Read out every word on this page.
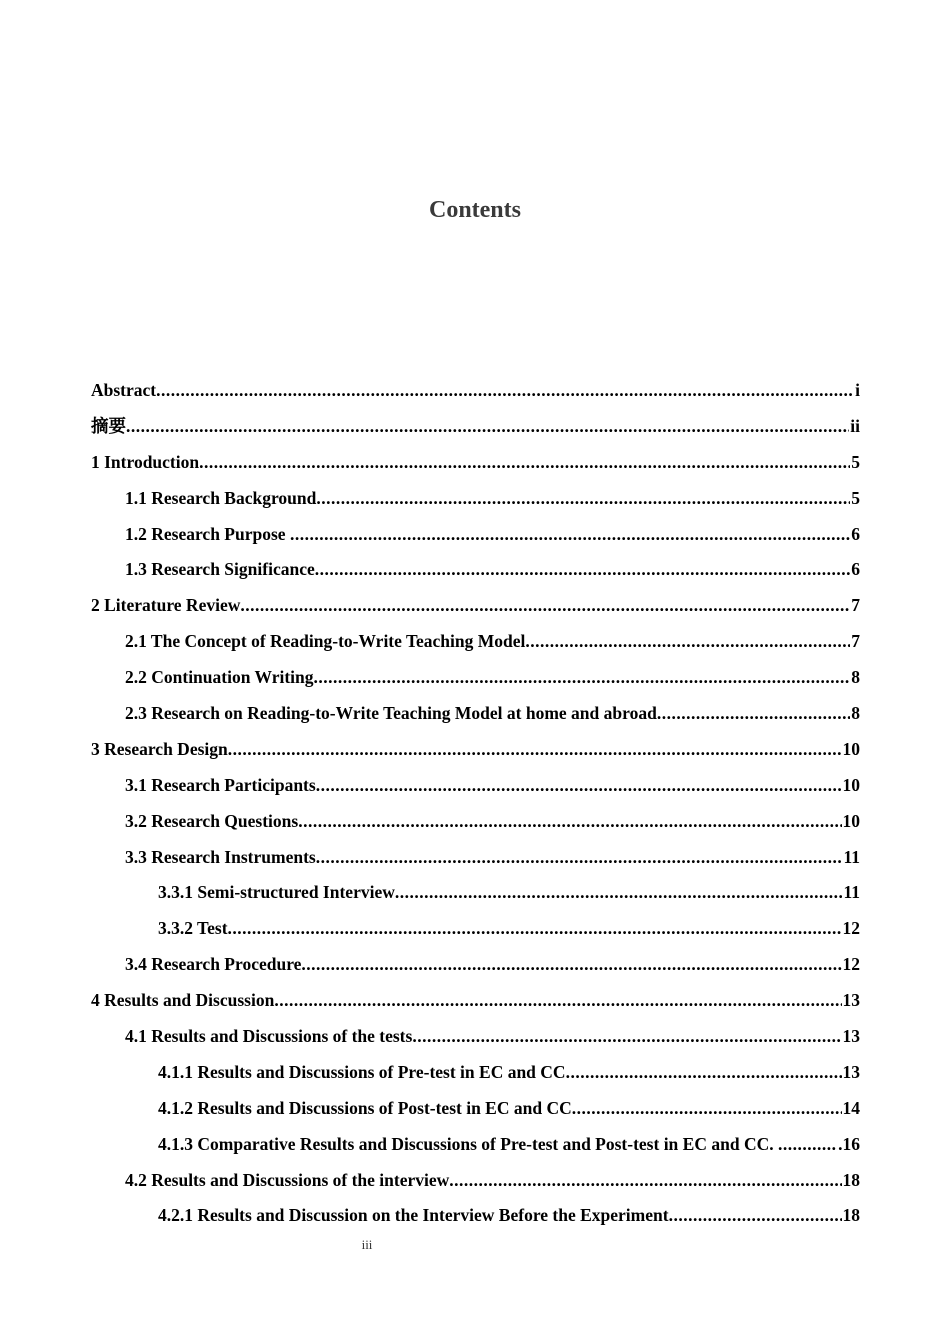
Contents
Abstract .....	i
摘要 .....	ii
1 Introduction .....	5
1.1 Research Background .....	5
1.2 Research Purpose .....	6
1.3 Research Significance .....	6
2 Literature Review .....	7
2.1 The Concept of Reading-to-Write Teaching Model .....	7
2.2 Continuation Writing .....	8
2.3 Research on Reading-to-Write Teaching Model at home and abroad .....	8
3 Research Design .....	10
3.1 Research Participants .....	10
3.2 Research Questions .....	10
3.3 Research Instruments .....	11
3.3.1 Semi-structured Interview .....	11
3.3.2 Test .....	12
3.4 Research Procedure .....	12
4 Results and Discussion .....	13
4.1 Results and Discussions of the tests .....	13
4.1.1 Results and Discussions of Pre-test in EC and CC .....	13
4.1.2 Results and Discussions of Post-test in EC and CC .....	14
4.1.3 Comparative Results and Discussions of Pre-test and Post-test in EC and CC. .....	.16
4.2 Results and Discussions of the interview .....	18
4.2.1 Results and Discussion on the Interview Before the Experiment .....	18
iii
